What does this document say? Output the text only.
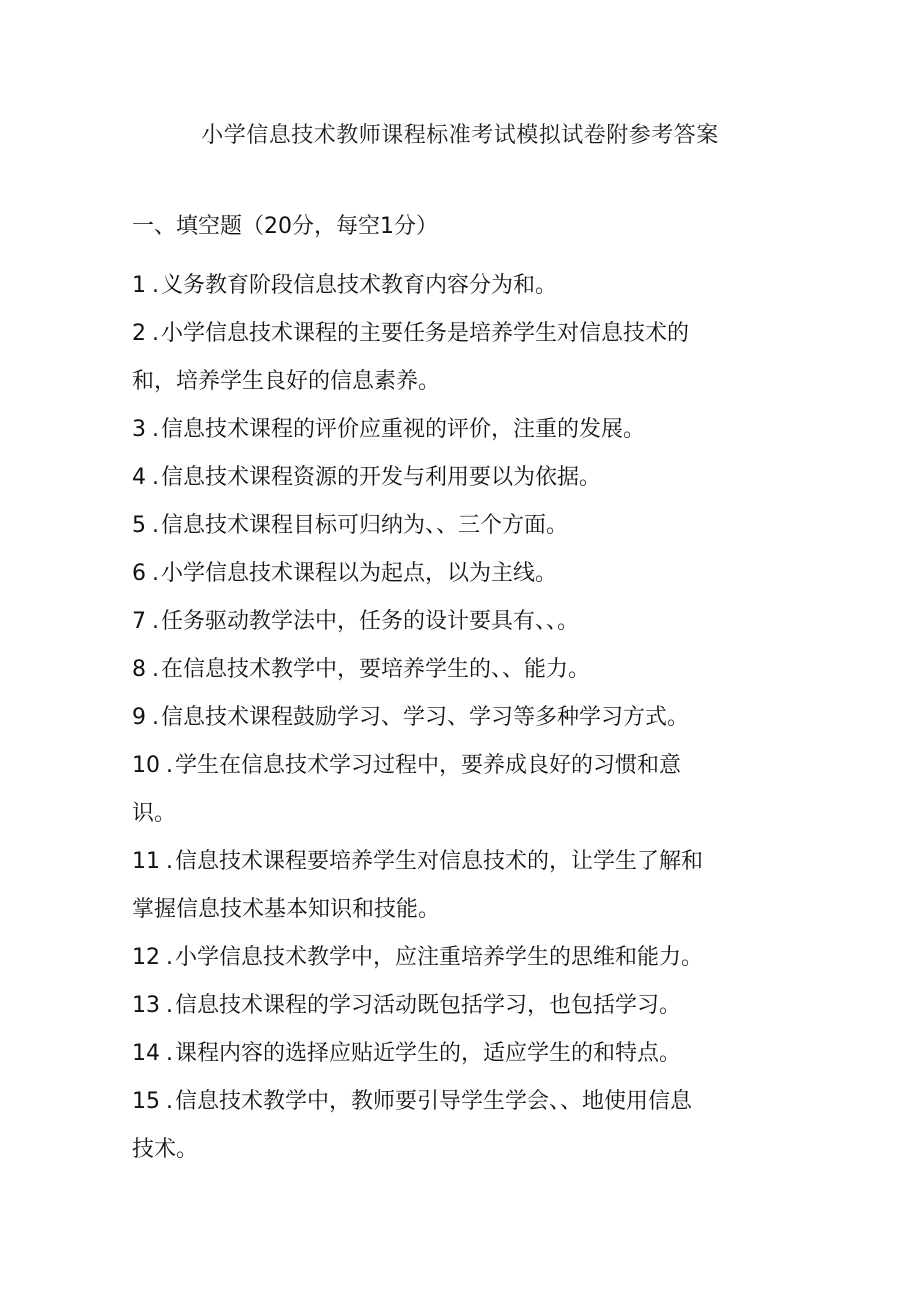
小学信息技术教师课程标准考试模拟试卷附参考答案
一、填空题（20分，每空1分）
1 .义务教育阶段信息技术教育内容分为和。
2 .小学信息技术课程的主要任务是培养学生对信息技术的
和，培养学生良好的信息素养。
3 .信息技术课程的评价应重视的评价，注重的发展。
4 .信息技术课程资源的开发与利用要以为依据。
5 .信息技术课程目标可归纳为、、三个方面。
6 .小学信息技术课程以为起点，以为主线。
7 .任务驱动教学法中，任务的设计要具有、、。
8 .在信息技术教学中，要培养学生的、、能力。
9 .信息技术课程鼓励学习、学习、学习等多种学习方式。
10 .学生在信息技术学习过程中，要养成良好的习惯和意
识。
11 .信息技术课程要培养学生对信息技术的，让学生了解和
掌握信息技术基本知识和技能。
12 .小学信息技术教学中，应注重培养学生的思维和能力。
13 .信息技术课程的学习活动既包括学习，也包括学习。
14 .课程内容的选择应贴近学生的，适应学生的和特点。
15 .信息技术教学中，教师要引导学生学会、、地使用信息
技术。
